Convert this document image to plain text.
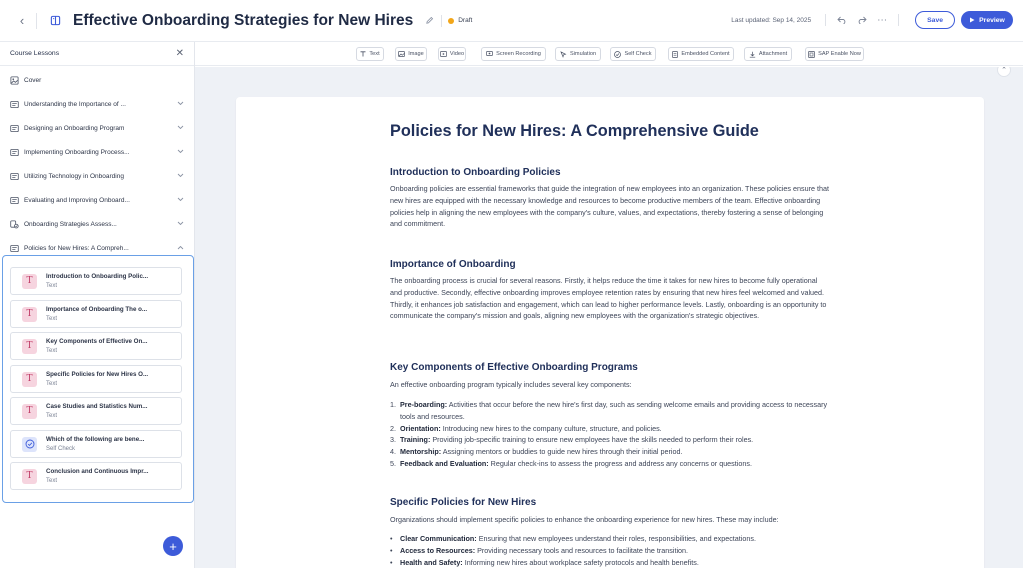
‹	Effective Onboarding Strategies for New Hires	Draft	Last updated: Sep 14, 2025	⋯	Save	Preview
Course Lessons	✕
Cover
Understanding the Importance of ...
Designing an Onboarding Program
Implementing Onboarding Process...
Utilizing Technology in Onboarding
Evaluating and Improving Onboard...
Onboarding Strategies Assess...
Policies for New Hires: A Compreh...
T	Introduction to Onboarding Polic...
Text
T	Importance of Onboarding The o...
Text
T	Key Components of Effective On...
Text
T	Specific Policies for New Hires O...
Text
T	Case Studies and Statistics Num...
Text
Which of the following are bene...
Self Check
T	Conclusion and Continuous Impr...
Text
+
Text	Image	Video	Screen Recording	Simulation	Self Check	Embedded Content	Attachment	SAP Enable Now
⌃
Policies for New Hires: A Comprehensive Guide
Introduction to Onboarding Policies
Onboarding policies are essential frameworks that guide the integration of new employees into an organization. These policies ensure that new hires are equipped with the necessary knowledge and resources to become productive members of the team. Effective onboarding policies help in aligning the new employees with the company's culture, values, and expectations, thereby fostering a sense of belonging and commitment.
Importance of Onboarding
The onboarding process is crucial for several reasons. Firstly, it helps reduce the time it takes for new hires to become fully operational and productive. Secondly, effective onboarding improves employee retention rates by ensuring that new hires feel welcomed and valued. Thirdly, it enhances job satisfaction and engagement, which can lead to higher performance levels. Lastly, onboarding is an opportunity to communicate the company's mission and goals, aligning new employees with the organization's strategic objectives.
Key Components of Effective Onboarding Programs
An effective onboarding program typically includes several key components:
1. Pre-boarding: Activities that occur before the new hire's first day, such as sending welcome emails and providing access to necessary tools and resources.
2. Orientation: Introducing new hires to the company culture, structure, and policies.
3. Training: Providing job-specific training to ensure new employees have the skills needed to perform their roles.
4. Mentorship: Assigning mentors or buddies to guide new hires through their initial period.
5. Feedback and Evaluation: Regular check-ins to assess the progress and address any concerns or questions.
Specific Policies for New Hires
Organizations should implement specific policies to enhance the onboarding experience for new hires. These may include:
• Clear Communication: Ensuring that new employees understand their roles, responsibilities, and expectations.
• Access to Resources: Providing necessary tools and resources to facilitate the transition.
• Health and Safety: Informing new hires about workplace safety protocols and health benefits.
